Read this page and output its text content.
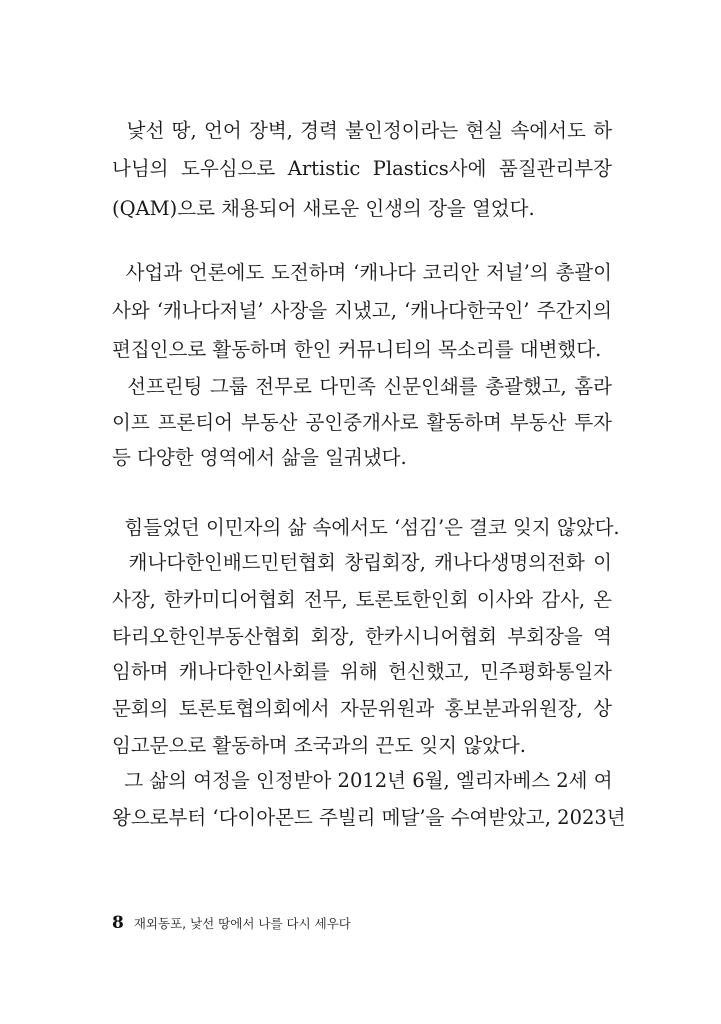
낯선 땅, 언어 장벽, 경력 불인정이라는 현실 속에서도 하
나님의 도우심으로 Artistic Plastics사에 품질관리부장
(QAM)으로 채용되어 새로운 인생의 장을 열었다.
사업과 언론에도 도전하며 ‘캐나다 코리안 저널’의 총괄이
사와 ‘캐나다저널’ 사장을 지냈고, ‘캐나다한국인’ 주간지의
편집인으로 활동하며 한인 커뮤니티의 목소리를 대변했다.
선프린팅 그룹 전무로 다민족 신문인쇄를 총괄했고, 홈라
이프 프론티어 부동산 공인중개사로 활동하며 부동산 투자
등 다양한 영역에서 삶을 일궈냈다.
힘들었던 이민자의 삶 속에서도 ‘섬김’은 결코 잊지 않았다.
캐나다한인배드민턴협회 창립회장, 캐나다생명의전화 이
사장, 한카미디어협회 전무, 토론토한인회 이사와 감사, 온
타리오한인부동산협회 회장, 한카시니어협회 부회장을 역
임하며 캐나다한인사회를 위해 헌신했고, 민주평화통일자
문회의 토론토협의회에서 자문위원과 홍보분과위원장, 상
임고문으로 활동하며 조국과의 끈도 잊지 않았다.
그 삶의 여정을 인정받아 2012년 6월, 엘리자베스 2세 여
왕으로부터 ‘다이아몬드 주빌리 메달’을 수여받았고, 2023년
8 재외동포, 낯선 땅에서 나를 다시 세우다
